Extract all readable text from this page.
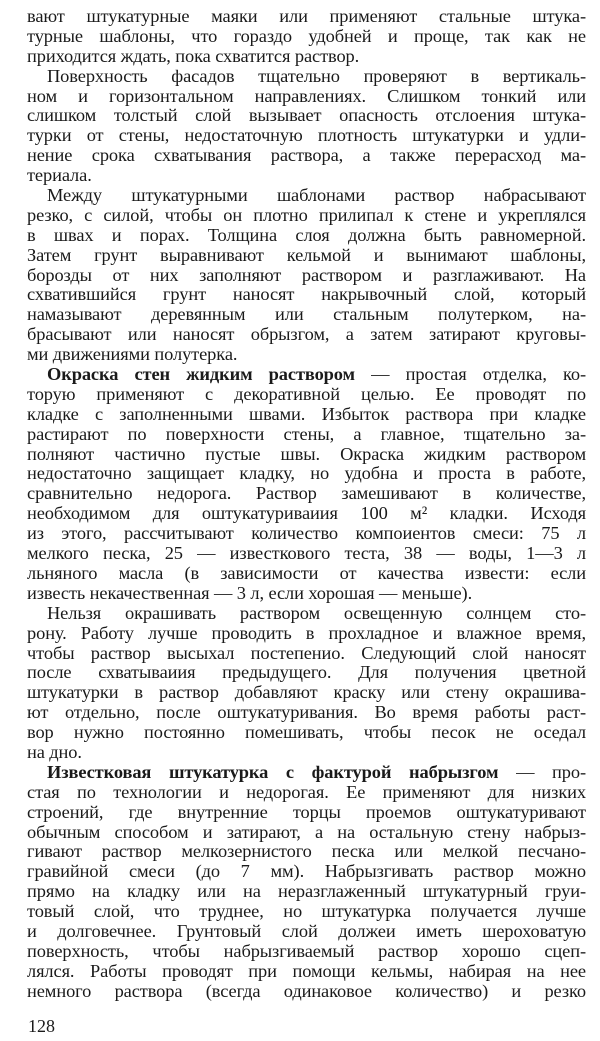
вают штукатурные маяки или применяют стальные штука-
турные шаблоны, что гораздо удобней и проще, так как не
приходится ждать, пока схватится раствор.
Поверхность фасадов тщательно проверяют в вертикаль-
ном и горизонтальном направлениях. Слишком тонкий или
слишком толстый слой вызывает опасность отслоения штука-
турки от стены, недостаточную плотность штукатурки и удли-
нение срока схватывания раствора, а также перерасход ма-
териала.
Между штукатурными шаблонами раствор набрасывают
резко, с силой, чтобы он плотно прилипал к стене и укреплялся
в швах и порах. Толщина слоя должна быть равномерной.
Затем грунт выравнивают кельмой и вынимают шаблоны,
борозды от них заполняют раствором и разглаживают. На
схватившийся грунт наносят накрывочный слой, который
намазывают деревянным или стальным полутерком, на-
брасывают или наносят обрызгом, а затем затирают круговы-
ми движениями полутерка.
Окраска стен жидким раствором — простая отделка, ко-
торую применяют с декоративной целью. Ее проводят по
кладке с заполненными швами. Избыток раствора при кладке
растирают по поверхности стены, а главное, тщательно за-
полняют частично пустые швы. Окраска жидким раствором
недостаточно защищает кладку, но удобна и проста в работе,
сравнительно недорога. Раствор замешивают в количестве,
необходимом для оштукатуриваиия 100 м² кладки. Исходя
из этого, рассчитывают количество компоиентов смеси: 75 л
мелкого песка, 25 — известкового теста, 38 — воды, 1—3 л
льняного масла (в зависимости от качества извести: если
известь некачественная — 3 л, если хорошая — меньше).
Нельзя окрашивать раствором освещенную солнцем сто-
рону. Работу лучше проводить в прохладное и влажное время,
чтобы раствор высыхал постепенио. Следующий слой наносят
после схватываиия предыдущего. Для получения цветной
штукатурки в раствор добавляют краску или стену окрашива-
ют отдельно, после оштукатуривания. Во время работы раст-
вор нужно постоянно помешивать, чтобы песок не оседал
на дно.
Известковая штукатурка с фактурой набрызгом — про-
стая по технологии и недорогая. Ее применяют для низких
строений, где внутренние торцы проемов оштукатуривают
обычным способом и затирают, а на остальную стену набрыз-
гивают раствор мелкозернистого песка или мелкой песчано-
гравийной смеси (до 7 мм). Набрызгивать раствор можно
прямо на кладку или на неразглаженный штукатурный груи-
товый слой, что труднее, но штукатурка получается лучше
и долговечнее. Грунтовый слой должеи иметь шероховатую
поверхность, чтобы набрызгиваемый раствор хорошо сцеп-
лялся. Работы проводят при помощи кельмы, набирая на нее
немного раствора (всегда одинаковое количество) и резко
128
